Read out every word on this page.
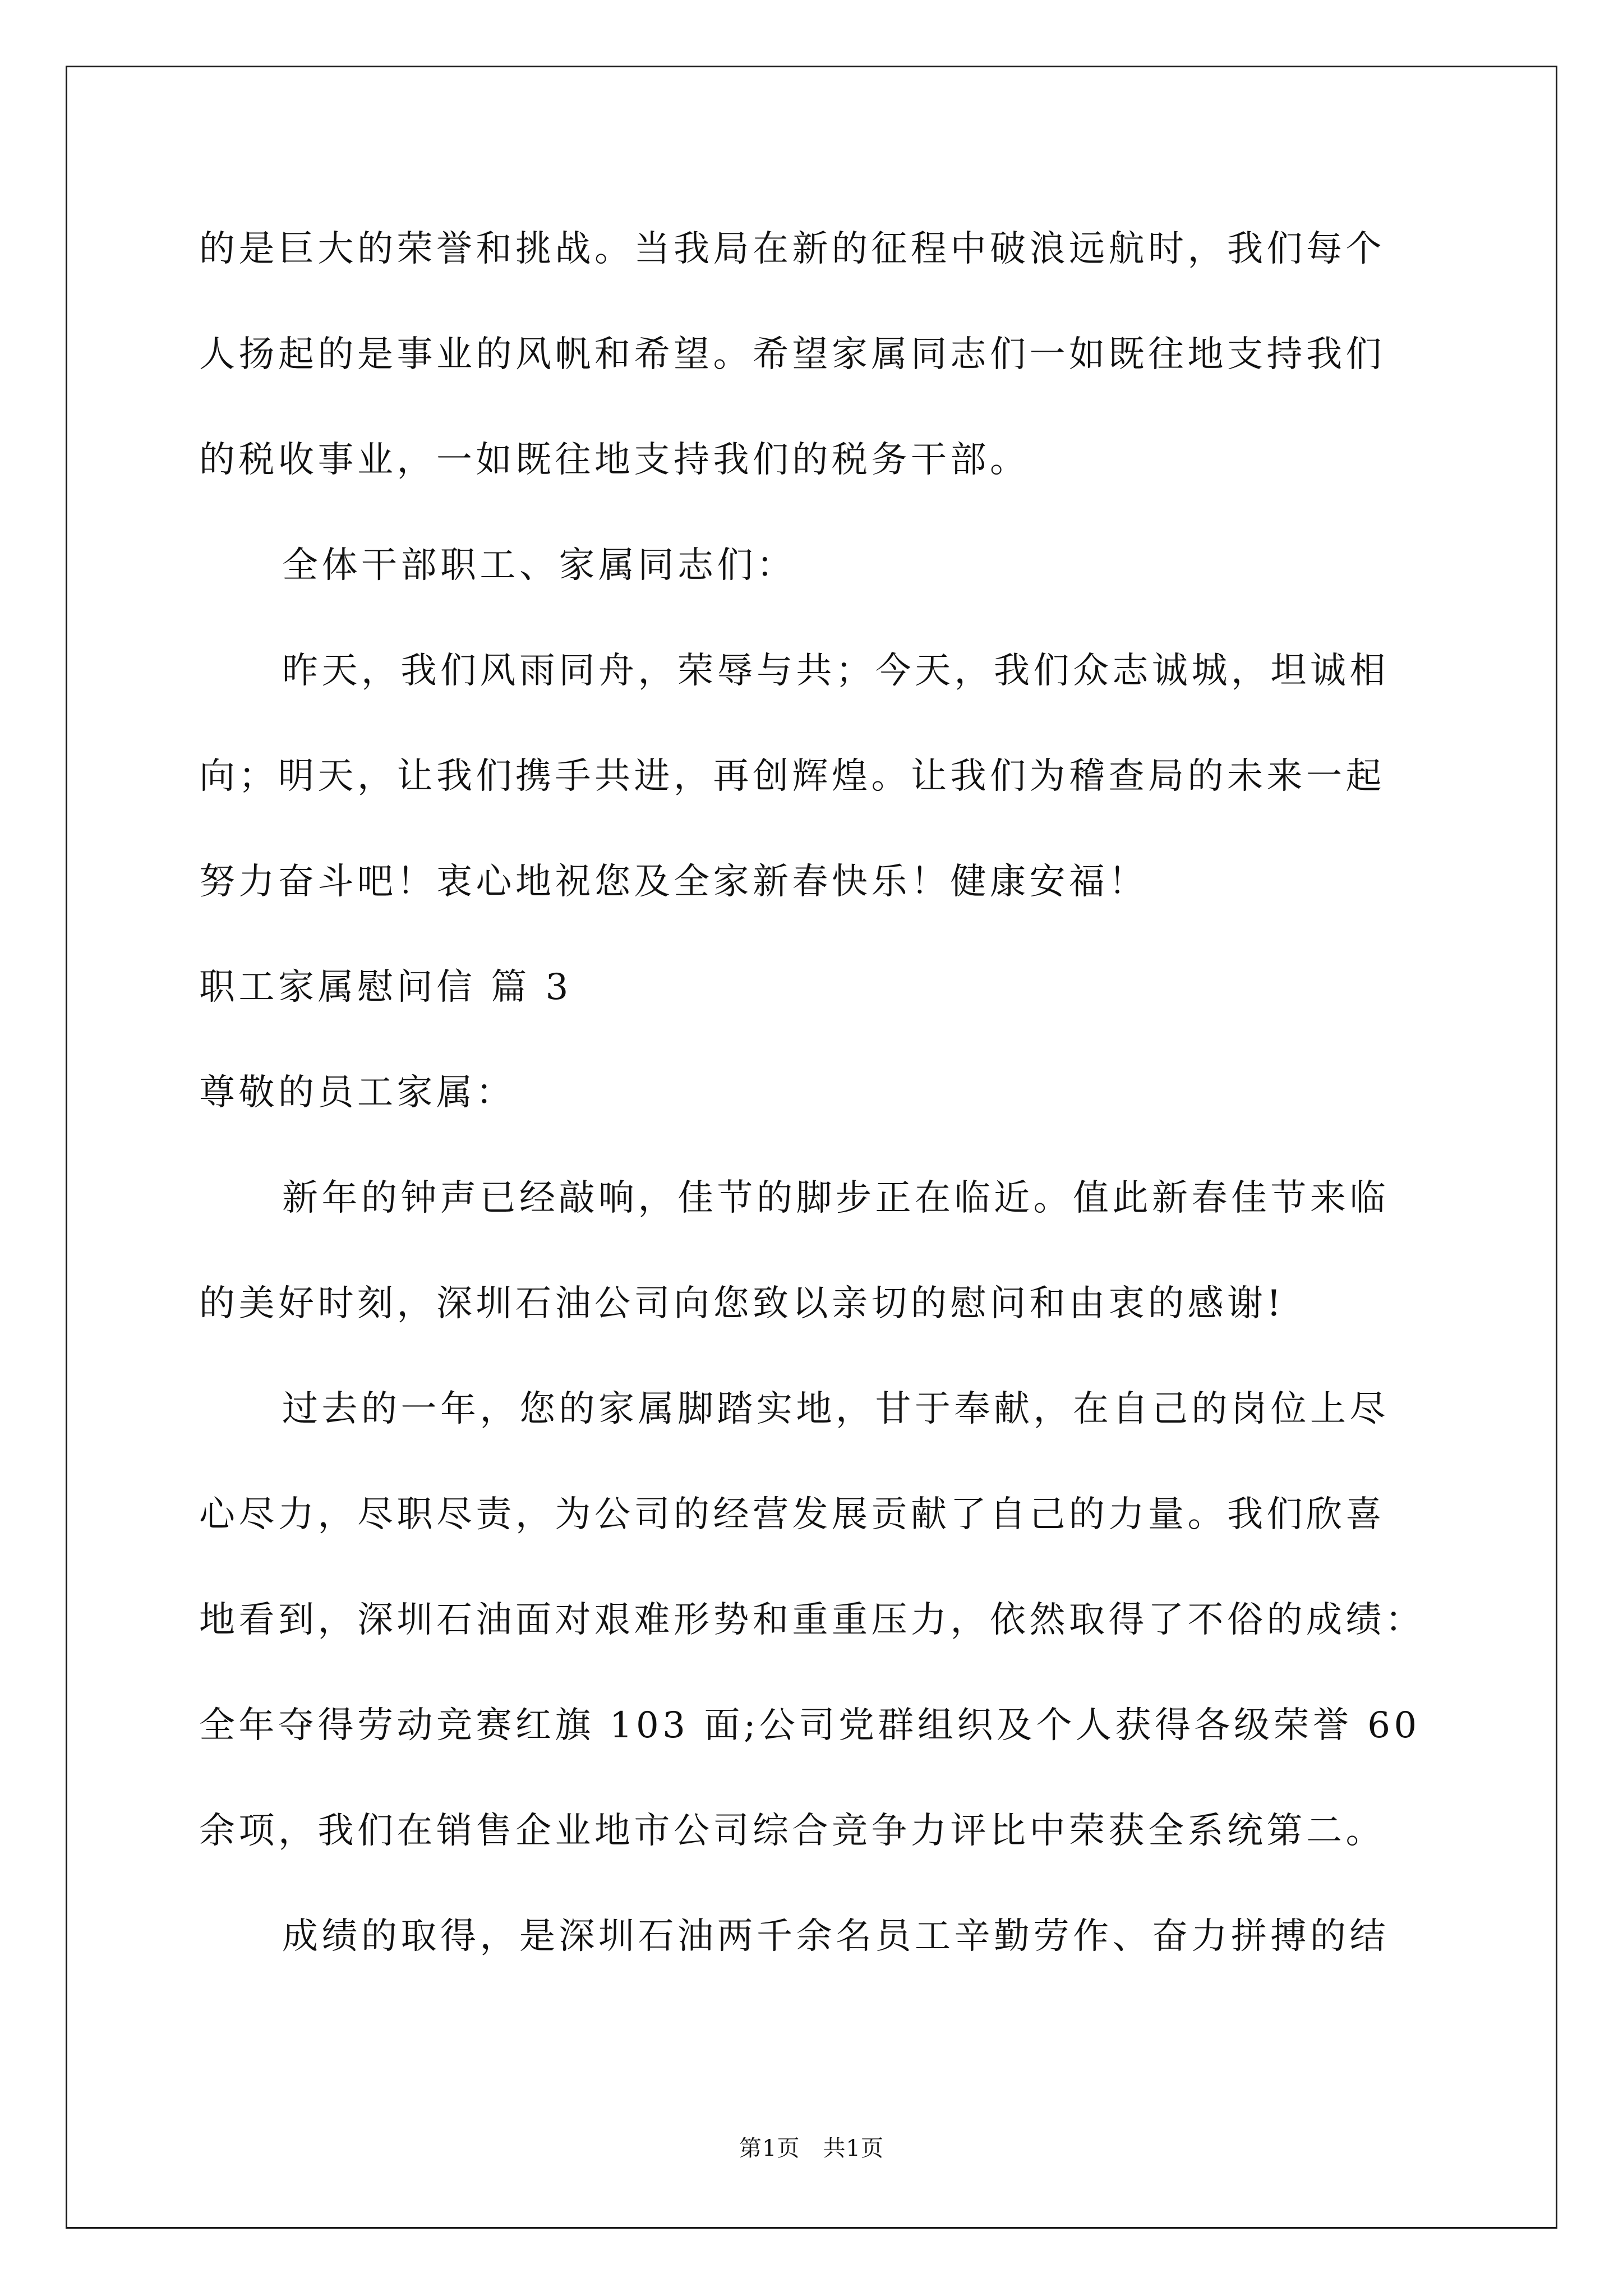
的是巨大的荣誉和挑战。当我局在新的征程中破浪远航时，我们每个
人扬起的是事业的风帆和希望。希望家属同志们一如既往地支持我们
的税收事业，一如既往地支持我们的税务干部。
全体干部职工、家属同志们：
昨天，我们风雨同舟，荣辱与共；今天，我们众志诚城，坦诚相
向；明天，让我们携手共进，再创辉煌。让我们为稽查局的未来一起
努力奋斗吧！衷心地祝您及全家新春快乐！健康安福！
职工家属慰问信 篇 3
尊敬的员工家属：
新年的钟声已经敲响，佳节的脚步正在临近。值此新春佳节来临
的美好时刻，深圳石油公司向您致以亲切的慰问和由衷的感谢!
过去的一年，您的家属脚踏实地，甘于奉献，在自己的岗位上尽
心尽力，尽职尽责，为公司的经营发展贡献了自己的力量。我们欣喜
地看到，深圳石油面对艰难形势和重重压力，依然取得了不俗的成绩：
全年夺得劳动竞赛红旗 103 面;公司党群组织及个人获得各级荣誉 60
余项，我们在销售企业地市公司综合竞争力评比中荣获全系统第二。
成绩的取得，是深圳石油两千余名员工辛勤劳作、奋力拼搏的结
第1页　共1页
